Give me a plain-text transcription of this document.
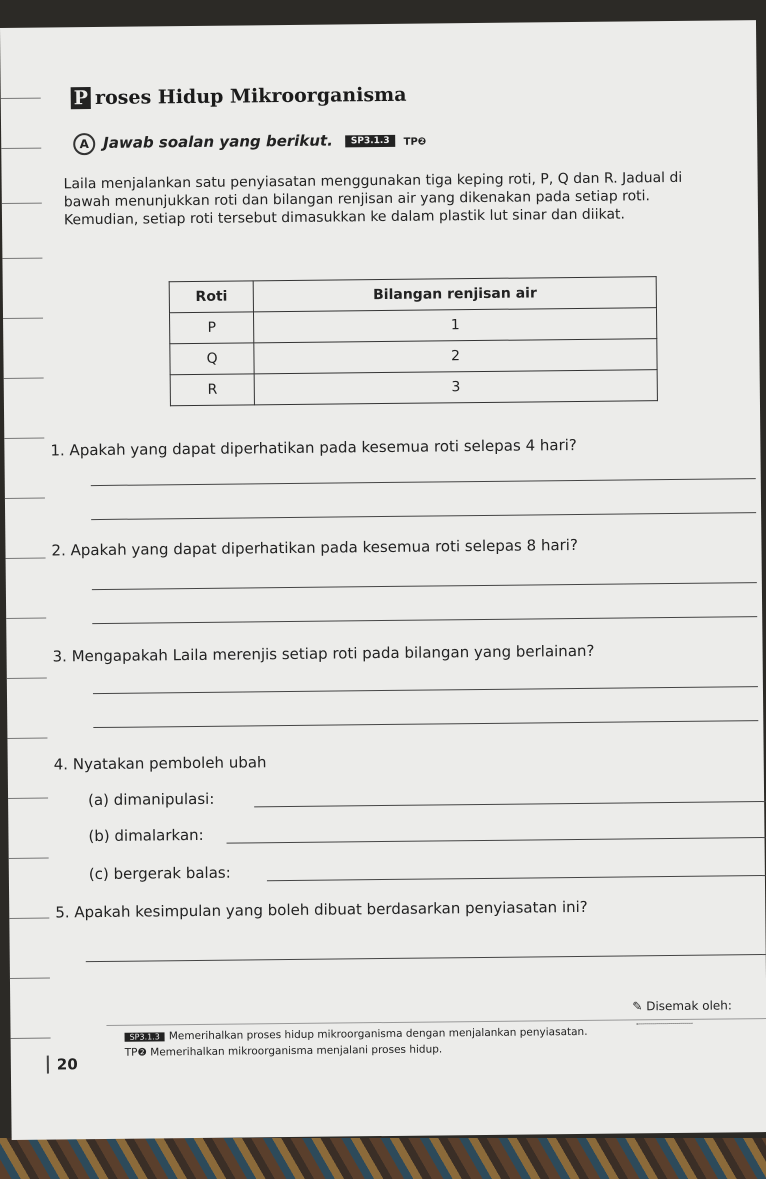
P roses Hidup Mikroorganisma
A Jawab soalan yang berikut. SP3.1.3 TP❷
Laila menjalankan satu penyiasatan menggunakan tiga keping roti, P, Q dan R. Jadual di bawah menunjukkan roti dan bilangan renjisan air yang dikenakan pada setiap roti. Kemudian, setiap roti tersebut dimasukkan ke dalam plastik lut sinar dan diikat.
Roti	Bilangan renjisan air
P	1
Q	2
R	3
1. Apakah yang dapat diperhatikan pada kesemua roti selepas 4 hari?
2. Apakah yang dapat diperhatikan pada kesemua roti selepas 8 hari?
3. Mengapakah Laila merenjis setiap roti pada bilangan yang berlainan?
4. Nyatakan pemboleh ubah
(a) dimanipulasi:
(b) dimalarkan:
(c) bergerak balas:
5. Apakah kesimpulan yang boleh dibuat berdasarkan penyiasatan ini?
✎ Disemak oleh:
SP3.1.3 Memerihalkan proses hidup mikroorganisma dengan menjalankan penyiasatan.
TP❷ Memerihalkan mikroorganisma menjalani proses hidup.
20
